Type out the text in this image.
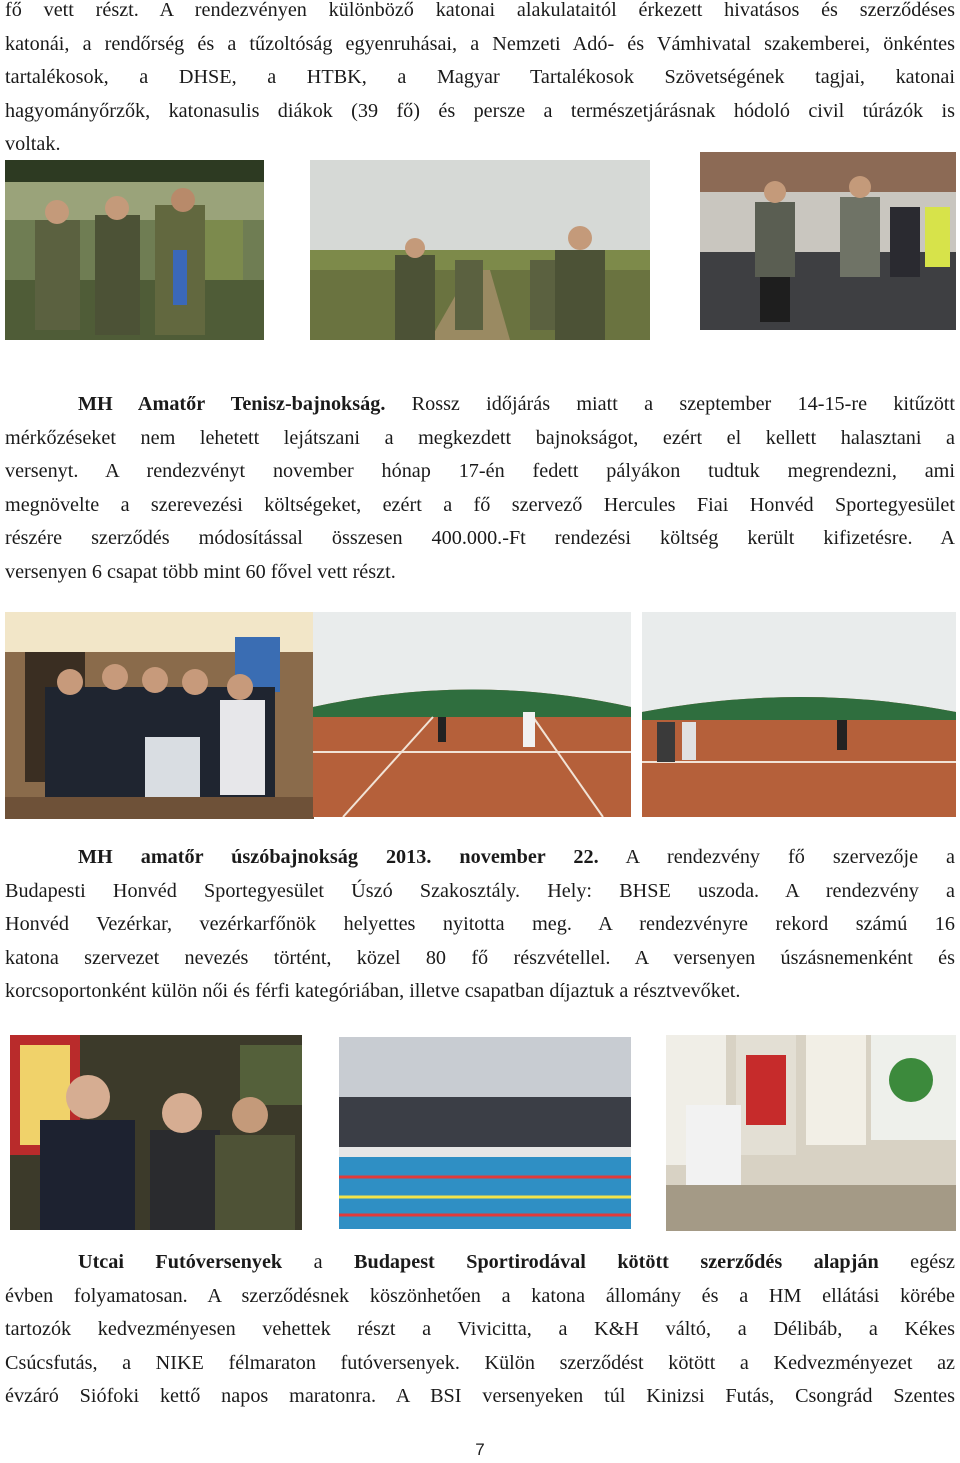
fő vett részt. A rendezvényen különböző katonai alakulataitól érkezett hivatásos és szerződéses
katonái, a rendőrség és a tűzoltóság egyenruhásai, a Nemzeti Adó- és Vámhivatal szakemberei, önkéntes
tartalékosok, a DHSE, a HTBK, a Magyar Tartalékosok Szövetségének tagjai, katonai
hagyományőrzők, katonasulis diákok (39 fő) és persze a természetjárásnak hódoló civil túrázók is
voltak.
MH Amatőr Tenisz-bajnokság. Rossz időjárás miatt a szeptember 14-15-re kitűzött
mérkőzéseket nem lehetett lejátszani a megkezdett bajnokságot, ezért el kellett halasztani a
versenyt. A rendezvényt november hónap 17-én fedett pályákon tudtuk megrendezni, ami
megnövelte a szerevezési költségeket, ezért a fő szervező Hercules Fiai Honvéd Sportegyesület
részére szerződés módosítással összesen 400.000.-Ft rendezési költség került kifizetésre. A
versenyen 6 csapat több mint 60 fővel vett részt.
MH amatőr úszóbajnokság 2013. november 22. A rendezvény fő szervezője a
Budapesti Honvéd Sportegyesület Úszó Szakosztály. Hely: BHSE uszoda. A rendezvény a
Honvéd Vezérkar, vezérkarfőnök helyettes nyitotta meg. A rendezvényre rekord számú 16
katona szervezet nevezés történt, közel 80 fő részvétellel. A versenyen úszásnemenként és
korcsoportonként külön női és férfi kategóriában, illetve csapatban díjaztuk a résztvevőket.
Utcai Futóversenyek a Budapest Sportirodával kötött szerződés alapján egész
évben folyamatosan. A szerződésnek köszönhetően a katona állomány és a HM ellátási körébe
tartozók kedvezményesen vehettek részt a Vivicitta, a K&H váltó, a Délibáb, a Kékes
Csúcsfutás, a NIKE félmaraton futóversenyek. Külön szerződést kötött a Kedvezményezet az
évzáró Siófoki kettő napos maratonra. A BSI versenyeken túl Kinizsi Futás, Csongrád Szentes
7
